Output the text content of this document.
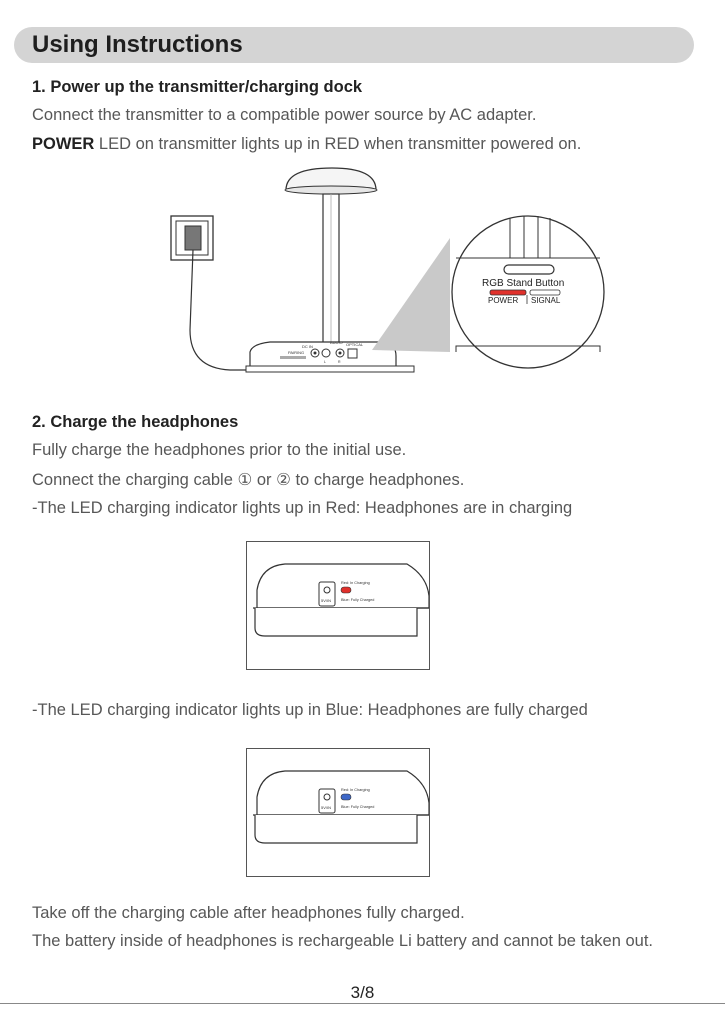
Using Instructions
1. Power up the transmitter/charging dock
Connect the transmitter to a compatible power source by AC adapter.
POWER LED on transmitter lights up in RED when transmitter powered on.
DC IN
AUDIO OPTICAL
PAIRING
L	R
RGB Stand Button
POWER SIGNAL
2. Charge the headphones
Fully charge the headphones prior to the initial use.
Connect the charging cable ① or ② to charge headphones.
-The LED charging indicator lights up in Red: Headphones are in charging
5V/IN
Red: In Charging
Blue: Fully Charged
-The LED charging indicator lights up in Blue: Headphones are fully charged
5V/IN
Red: In Charging
Blue: Fully Charged
Take off the charging cable after headphones fully charged.
The battery inside of headphones is rechargeable Li battery and cannot be taken out.
3/8
